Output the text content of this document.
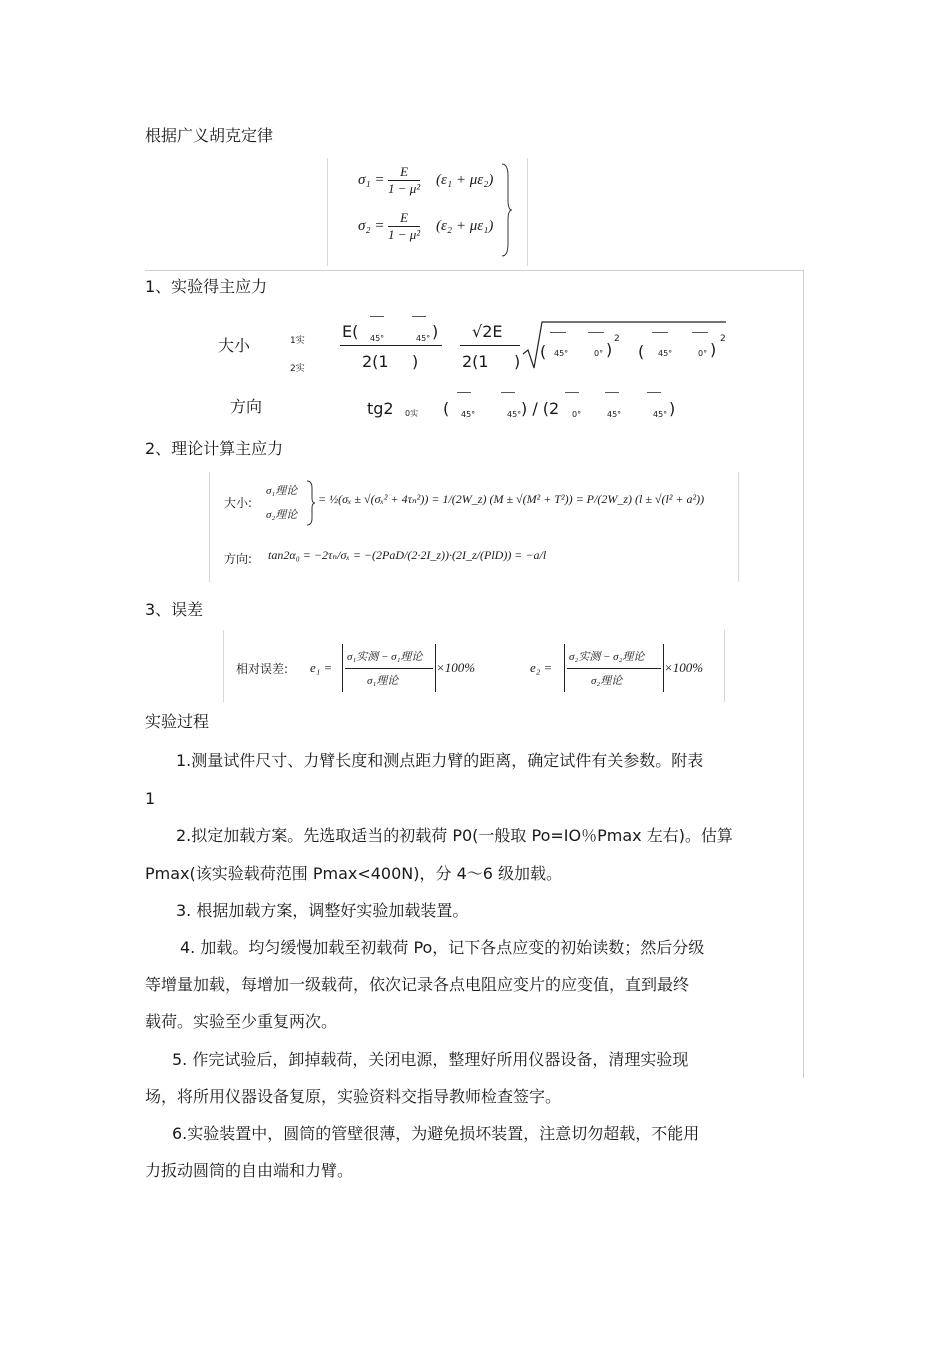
根据广义胡克定律
$\sigma_1 = \frac{E}{\text{1 − μ²}} (\varepsilon_1 + \mu\varepsilon_2)$
$\sigma_2 = \frac{E}{\text{1 − μ²}} (\varepsilon_2 + \mu\varepsilon_1)$
1、实验得主应力
大小	1实
2实
E( 45°	45° )
2(1 )
√2E
2(1 )
( 45°	0° )
2
( 45°	0° )
2
方向	tg2 0实 ( 45°	45° ) / (2 0°	45°	45° )
2、理论计算主应力
大小:
σ₁理论
σ₂理论
= ½(σₓ ± √(σₓ² + 4τₙ²)) = 1/(2W_z) (M ± √(M² + T²)) = P/(2W_z) (l ± √(l² + a²))
方向: tan2α₀ = −2τₙ/σₓ = −(2PaD/(2·2I_z))·(2I_z/(PlD)) = −a/l
3、误差
相对误差: e₁ =
σ₁实测 − σ₁理论
σ₁理论
×100%	e₂ =
σ₂实测 − σ₂理论
σ₂理论
×100%
实验过程
1.测量试件尺寸、力臂长度和测点距力臂的距离，确定试件有关参数。附表
1
2.拟定加载方案。先选取适当的初载荷 P0(一般取 Po=IO％Pmax 左右)。估算
Pmax(该实验载荷范围 Pmax<400N)，分 4～6 级加载。
3. 根据加载方案，调整好实验加载装置。
4. 加载。均匀缓慢加载至初载荷 Po，记下各点应变的初始读数；然后分级
等增量加载，每增加一级载荷，依次记录各点电阻应变片的应变值，直到最终
载荷。实验至少重复两次。
5. 作完试验后，卸掉载荷，关闭电源，整理好所用仪器设备，清理实验现
场，将所用仪器设备复原，实验资料交指导教师检查签字。
6.实验装置中，圆筒的管壁很薄，为避免损坏装置，注意切勿超载，不能用
力扳动圆筒的自由端和力臂。
